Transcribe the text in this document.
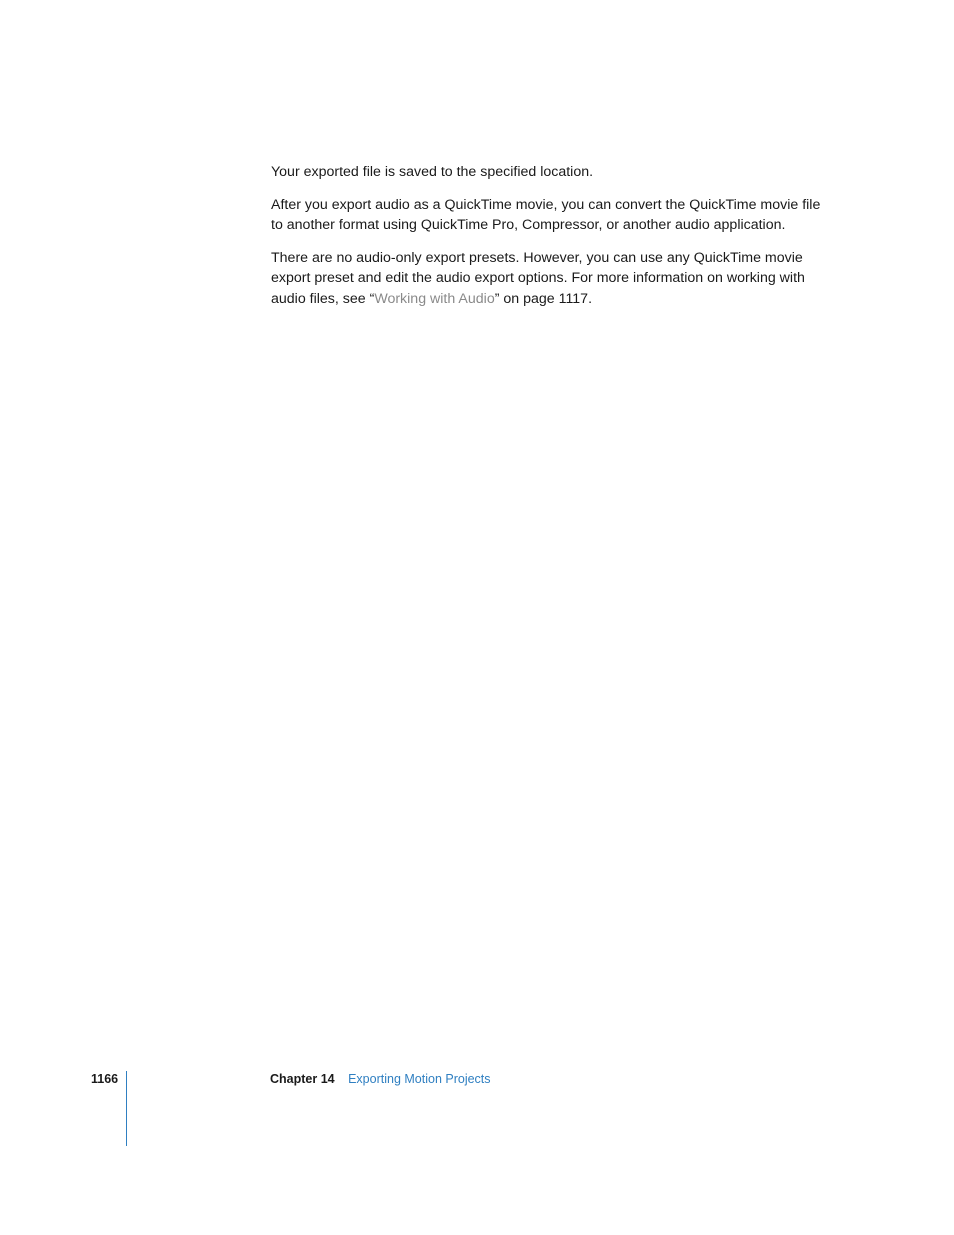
Your exported file is saved to the specified location.

After you export audio as a QuickTime movie, you can convert the QuickTime movie file to another format using QuickTime Pro, Compressor, or another audio application.

There are no audio-only export presets. However, you can use any QuickTime movie export preset and edit the audio export options. For more information on working with audio files, see “Working with Audio” on page 1117.

1166	Chapter 14 Exporting Motion Projects
